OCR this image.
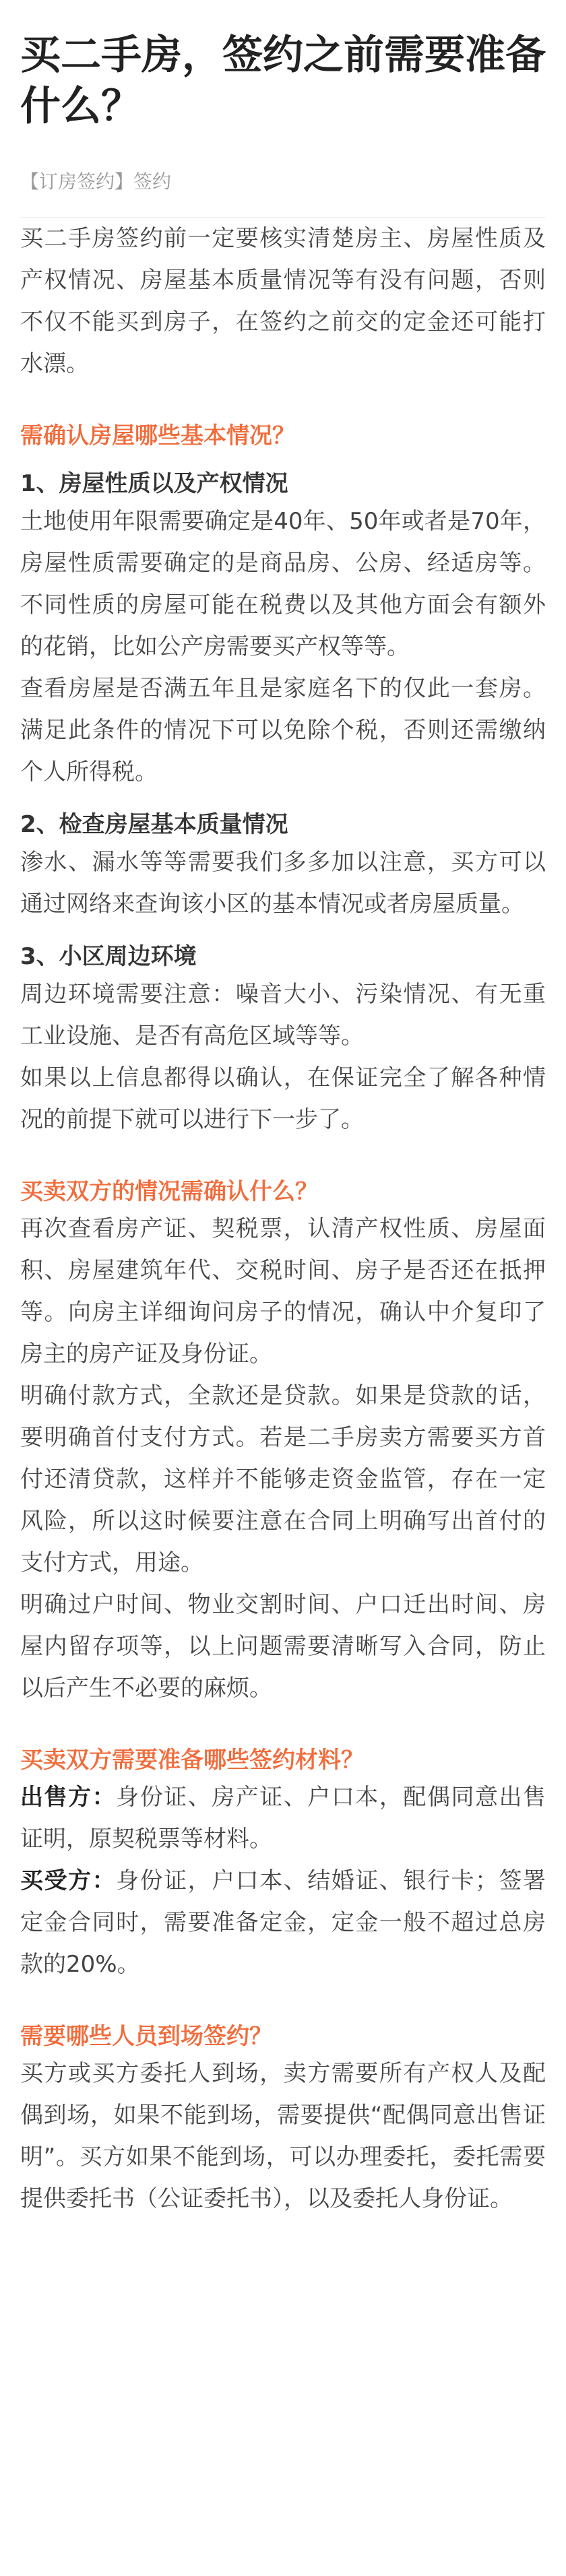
买二手房，签约之前需要准备什么？
【订房签约】签约

买二手房签约前一定要核实清楚房主、房屋性质及产权情况、房屋基本质量情况等有没有问题，否则不仅不能买到房子，在签约之前交的定金还可能打水漂。

需确认房屋哪些基本情况？
1、房屋性质以及产权情况

土地使用年限需要确定是40年、50年或者是70年，房屋性质需要确定的是商品房、公房、经适房等。不同性质的房屋可能在税费以及其他方面会有额外的花销，比如公产房需要买产权等等。

查看房屋是否满五年且是家庭名下的仅此一套房。满足此条件的情况下可以免除个税，否则还需缴纳个人所得税。

2、检查房屋基本质量情况

渗水、漏水等等需要我们多多加以注意，买方可以通过网络来查询该小区的基本情况或者房屋质量。

3、小区周边环境

周边环境需要注意：噪音大小、污染情况、有无重工业设施、是否有高危区域等等。

如果以上信息都得以确认，在保证完全了解各种情况的前提下就可以进行下一步了。

买卖双方的情况需确认什么？

再次查看房产证、契税票，认清产权性质、房屋面积、房屋建筑年代、交税时间、房子是否还在抵押等。向房主详细询问房子的情况，确认中介复印了房主的房产证及身份证。

明确付款方式，全款还是贷款。如果是贷款的话，要明确首付支付方式。若是二手房卖方需要买方首付还清贷款，这样并不能够走资金监管，存在一定风险，所以这时候要注意在合同上明确写出首付的支付方式，用途。

明确过户时间、物业交割时间、户口迁出时间、房屋内留存项等，以上问题需要清晰写入合同，防止以后产生不必要的麻烦。

买卖双方需要准备哪些签约材料？

出售方：身份证、房产证、户口本，配偶同意出售证明，原契税票等材料。

买受方：身份证，户口本、结婚证、银行卡；签署定金合同时，需要准备定金，定金一般不超过总房款的20%。

需要哪些人员到场签约？

买方或买方委托人到场，卖方需要所有产权人及配偶到场，如果不能到场，需要提供“配偶同意出售证明”。买方如果不能到场，可以办理委托，委托需要提供委托书（公证委托书），以及委托人身份证。
